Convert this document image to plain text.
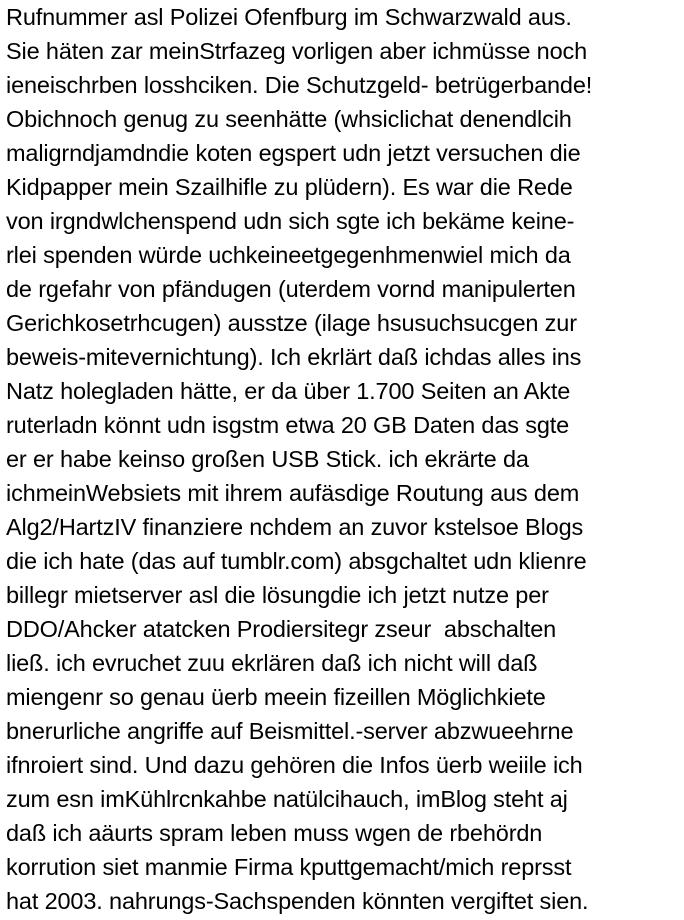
Rufnummer asl Polizei Ofenfburg im Schwarzwald aus.
Sie häten zar meinStrfazeg vorligen aber ichmüsse noch
ieneischrben losshciken. Die Schutzgeld- betrügerbande!
Obichnoch genug zu seenhätte (whsiclichat denendlcih
maligrndjamdndie koten egspert udn jetzt versuchen die
Kidpapper mein Szailhifle zu plüdern). Es war die Rede
von irgndwlchenspend udn sich sgte ich bekäme keine-
rlei spenden würde uchkeineetgegenhmenwiel mich da
de rgefahr von pfändugen (uterdem vornd manipulerten
Gerichkosetrhcugen) ausstze (ilage hsusuchsucgen zur
beweis-mitevernichtung). Ich ekrlärt daß ichdas alles ins
Natz holegladen hätte, er da über 1.700 Seiten an Akte
ruterladn könnt udn isgstm etwa 20 GB Daten das sgte
er er habe keinso großen USB Stick. ich ekrärte da
ichmeinWebsiets mit ihrem aufäsdige Routung aus dem
Alg2/HartzIV finanziere nchdem an zuvor kstelsoe Blogs
die ich hate (das auf tumblr.com) absgchaltet udn klienre
billegr mietserver asl die lösungdie ich jetzt nutze per
DDO/Ahcker atatcken Prodiersitegr zseur  abschalten
ließ. ich evruchet zuu ekrlären daß ich nicht will daß
miengenr so genau üerb meein fizeillen Möglichkiete
bnerurliche angriffe auf Beismittel.-server abzwueehrne
ifnroiert sind. Und dazu gehören die Infos üerb weiile ich
zum esn imKühlrcnkahbe natülcihauch, imBlog steht aj
daß ich aäurts spram leben muss wgen de rbehördn
korrution siet manmie Firma kputtgemacht/mich reprsst
hat 2003. nahrungs-Sachspenden könnten vergiftet sien.
